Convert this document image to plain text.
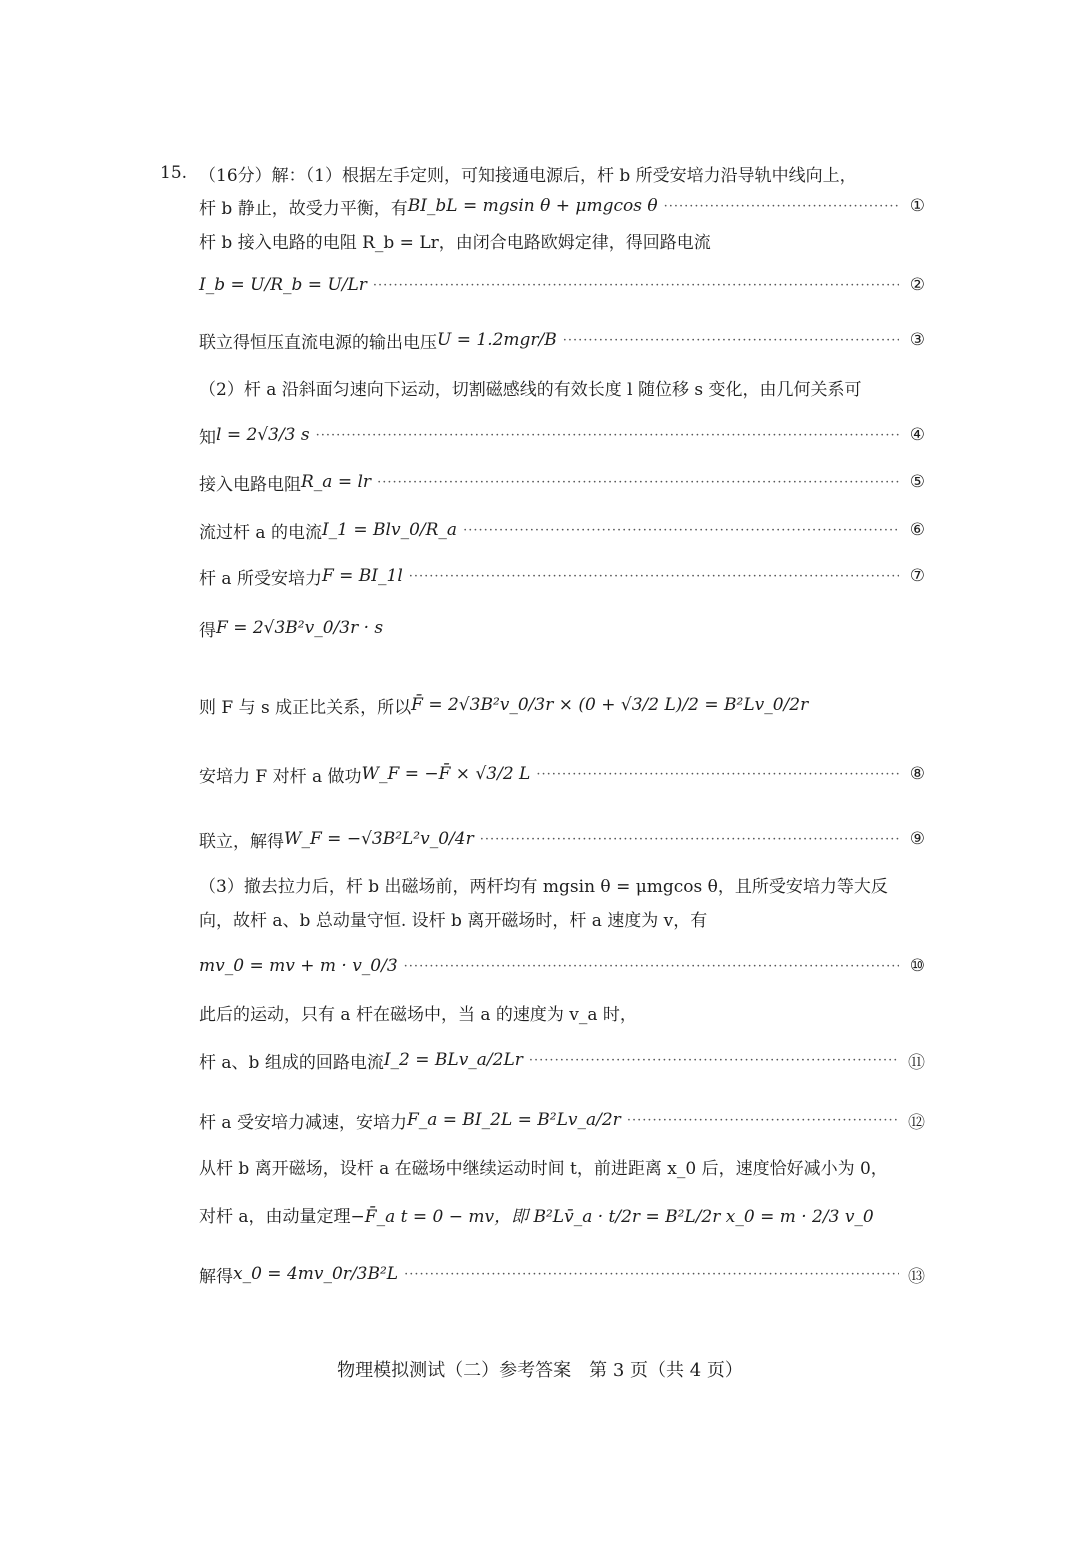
15. （16分）解：（1）根据左手定则，可知接通电源后，杆 b 所受安培力沿导轨中线向上，
杆 b 静止，故受力平衡，有 BI_bL = mgsin θ + μmgcos θ ·····	①
杆 b 接入电路的电阻 R_b = Lr，由闭合电路欧姆定律，得回路电流
I_b = U/R_b = U/Lr ·····	②
联立得恒压直流电源的输出电压 U = 1.2mgr/B ·····	③
（2）杆 a 沿斜面匀速向下运动，切割磁感线的有效长度 l 随位移 s 变化，由几何关系可
知 l = 2√3/3 s ·····	④
接入电路电阻 R_a = lr ·····	⑤
流过杆 a 的电流 I_1 = Blv_0/R_a ·····	⑥
杆 a 所受安培力 F = BI_1l ·····	⑦
得 F = 2√3B²v_0/3r · s
则 F 与 s 成正比关系，所以 F̄ = 2√3B²v_0/3r × (0 + √3/2 L)/2 = B²Lv_0/2r
安培力 F 对杆 a 做功 W_F = −F̄ × √3/2 L ·····	⑧
联立，解得 W_F = −√3B²L²v_0/4r ·····	⑨
（3）撤去拉力后，杆 b 出磁场前，两杆均有 mgsin θ = μmgcos θ，且所受安培力等大反
向，故杆 a、b 总动量守恒. 设杆 b 离开磁场时，杆 a 速度为 v，有
mv_0 = mv + m · v_0/3 ·····	⑩
此后的运动，只有 a 杆在磁场中，当 a 的速度为 v_a 时，
杆 a、b 组成的回路电流 I_2 = BLv_a/2Lr ·····	⑪
杆 a 受安培力减速，安培力 F_a = BI_2L = B²Lv_a/2r ·····	⑫
从杆 b 离开磁场，设杆 a 在磁场中继续运动时间 t，前进距离 x_0 后，速度恰好减小为 0，
对杆 a，由动量定理 −F̄_a t = 0 − mv，即 B²Lv̄_a · t/2r = B²L/2r x_0 = m · 2/3 v_0
解得 x_0 = 4mv_0r/3B²L ·····	⑬
物理模拟测试（二）参考答案　第 3 页（共 4 页）
